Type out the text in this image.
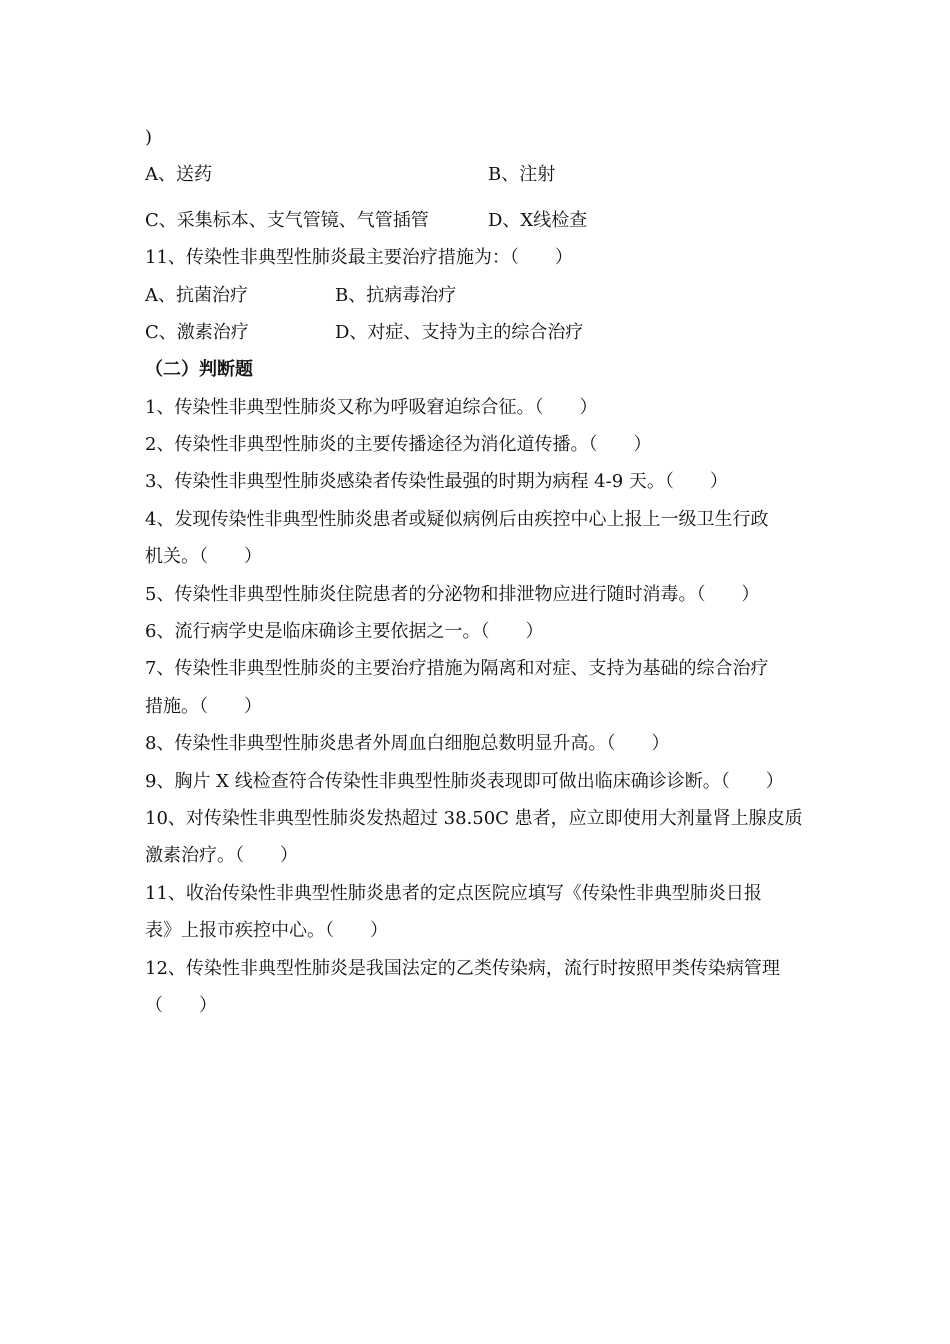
)
A、送药	B、注射
C、采集标本、支气管镜、气管插管	D、X线检查
11、传染性非典型性肺炎最主要治疗措施为：（　　）
A、抗菌治疗	B、抗病毒治疗
C、激素治疗	D、对症、支持为主的综合治疗
（二）判断题
1、传染性非典型性肺炎又称为呼吸窘迫综合征。（　　）
2、传染性非典型性肺炎的主要传播途径为消化道传播。（　　）
3、传染性非典型性肺炎感染者传染性最强的时期为病程 4-9 天。（　　）
4、发现传染性非典型性肺炎患者或疑似病例后由疾控中心上报上一级卫生行政
机关。（　　）
5、传染性非典型性肺炎住院患者的分泌物和排泄物应进行随时消毒。（　　）
6、流行病学史是临床确诊主要依据之一。（　　）
7、传染性非典型性肺炎的主要治疗措施为隔离和对症、支持为基础的综合治疗
措施。（　　）
8、传染性非典型性肺炎患者外周血白细胞总数明显升高。（　　）
9、胸片 X 线检查符合传染性非典型性肺炎表现即可做出临床确诊诊断。（　　）
10、对传染性非典型性肺炎发热超过 38.50C 患者，应立即使用大剂量肾上腺皮质
激素治疗。（　　）
11、收治传染性非典型性肺炎患者的定点医院应填写《传染性非典型肺炎日报
表》上报市疾控中心。（　　）
12、传染性非典型性肺炎是我国法定的乙类传染病，流行时按照甲类传染病管理
（　　）
